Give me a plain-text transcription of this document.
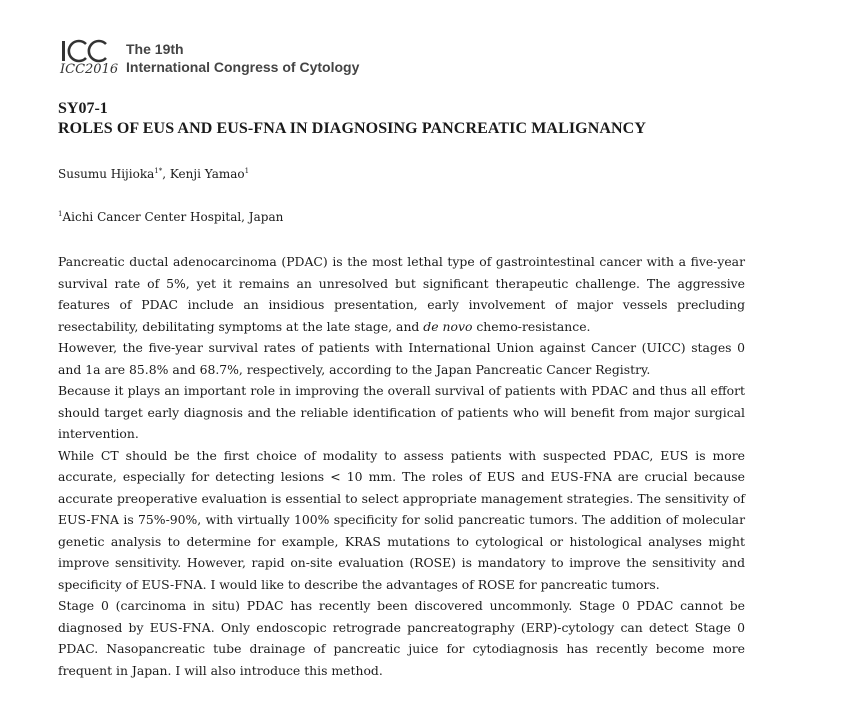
ICC2016
The 19th
International Congress of Cytology
SY07-1
ROLES OF EUS AND EUS-FNA IN DIAGNOSING PANCREATIC MALIGNANCY
Susumu Hijioka$^{1*}$, Kenji Yamao$^1$
$^1$Aichi Cancer Center Hospital, Japan

Pancreatic ductal adenocarcinoma (PDAC) is the most lethal type of gastrointestinal cancer with a five-year survival rate of 5%, yet it remains an unresolved but significant therapeutic challenge. The aggressive features of PDAC include an insidious presentation, early involvement of major vessels precluding resectability, debilitating symptoms at the late stage, and de novo chemo-resistance.

However, the five-year survival rates of patients with International Union against Cancer (UICC) stages 0 and 1a are 85.8% and 68.7%, respectively, according to the Japan Pancreatic Cancer Registry.

Because it plays an important role in improving the overall survival of patients with PDAC and thus all effort should target early diagnosis and the reliable identification of patients who will benefit from major surgical intervention.

While CT should be the first choice of modality to assess patients with suspected PDAC, EUS is more accurate, especially for detecting lesions < 10 mm. The roles of EUS and EUS-FNA are crucial because accurate preoperative evaluation is essential to select appropriate management strategies. The sensitivity of EUS-FNA is 75%-90%, with virtually 100% specificity for solid pancreatic tumors. The addition of molecular genetic analysis to determine for example, KRAS mutations to cytological or histological analyses might improve sensitivity. However, rapid on-site evaluation (ROSE) is mandatory to improve the sensitivity and specificity of EUS-FNA. I would like to describe the advantages of ROSE for pancreatic tumors.

Stage 0 (carcinoma in situ) PDAC has recently been discovered uncommonly. Stage 0 PDAC cannot be diagnosed by EUS-FNA. Only endoscopic retrograde pancreatography (ERP)-cytology can detect Stage 0 PDAC. Nasopancreatic tube drainage of pancreatic juice for cytodiagnosis has recently become more frequent in Japan. I will also introduce this method.
